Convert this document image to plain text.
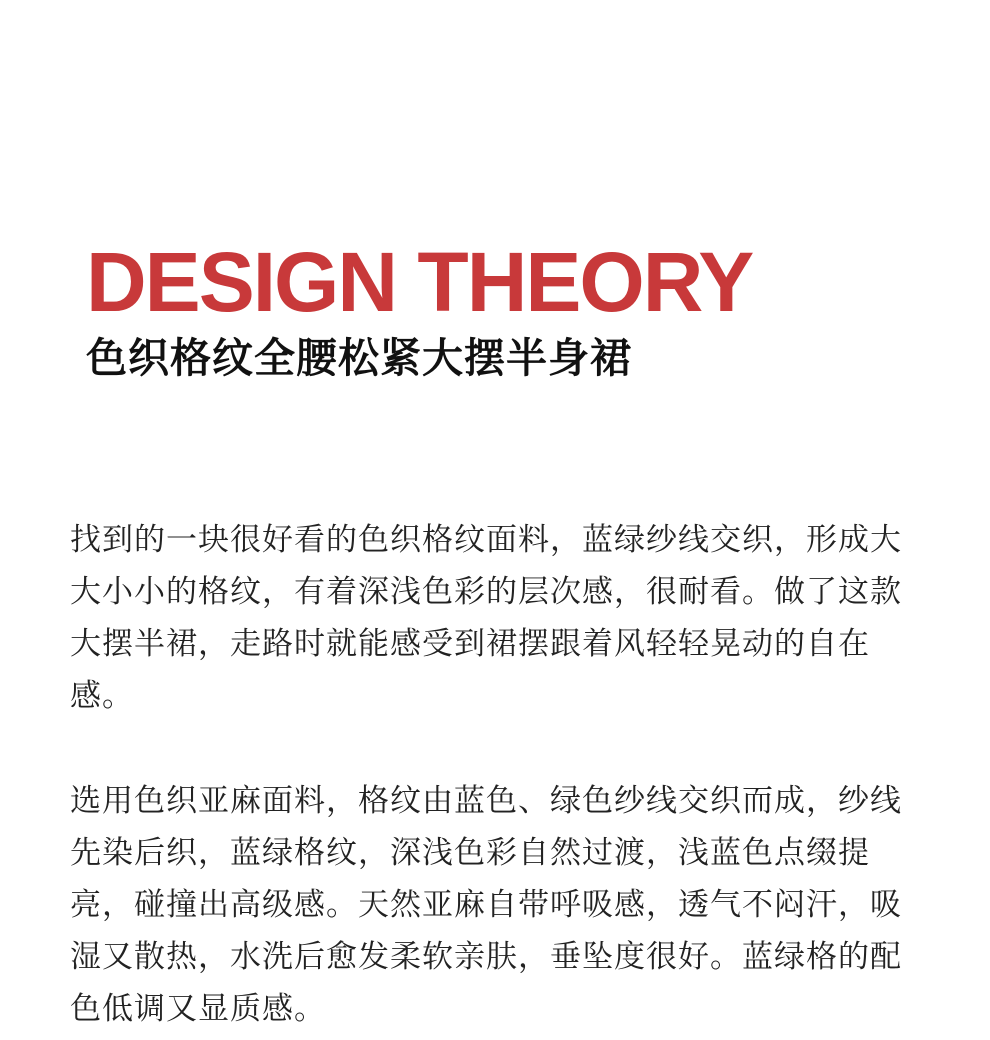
DESIGN THEORY
色织格纹全腰松紧大摆半身裙

找到的一块很好看的色织格纹面料，蓝绿纱线交织，形成大大小小的格纹，有着深浅色彩的层次感，很耐看。做了这款大摆半裙，走路时就能感受到裙摆跟着风轻轻晃动的自在感。

选用色织亚麻面料，格纹由蓝色、绿色纱线交织而成，纱线先染后织，蓝绿格纹，深浅色彩自然过渡，浅蓝色点缀提亮，碰撞出高级感。天然亚麻自带呼吸感，透气不闷汗，吸湿又散热，水洗后愈发柔软亲肤，垂坠度很好。蓝绿格的配色低调又显质感。
